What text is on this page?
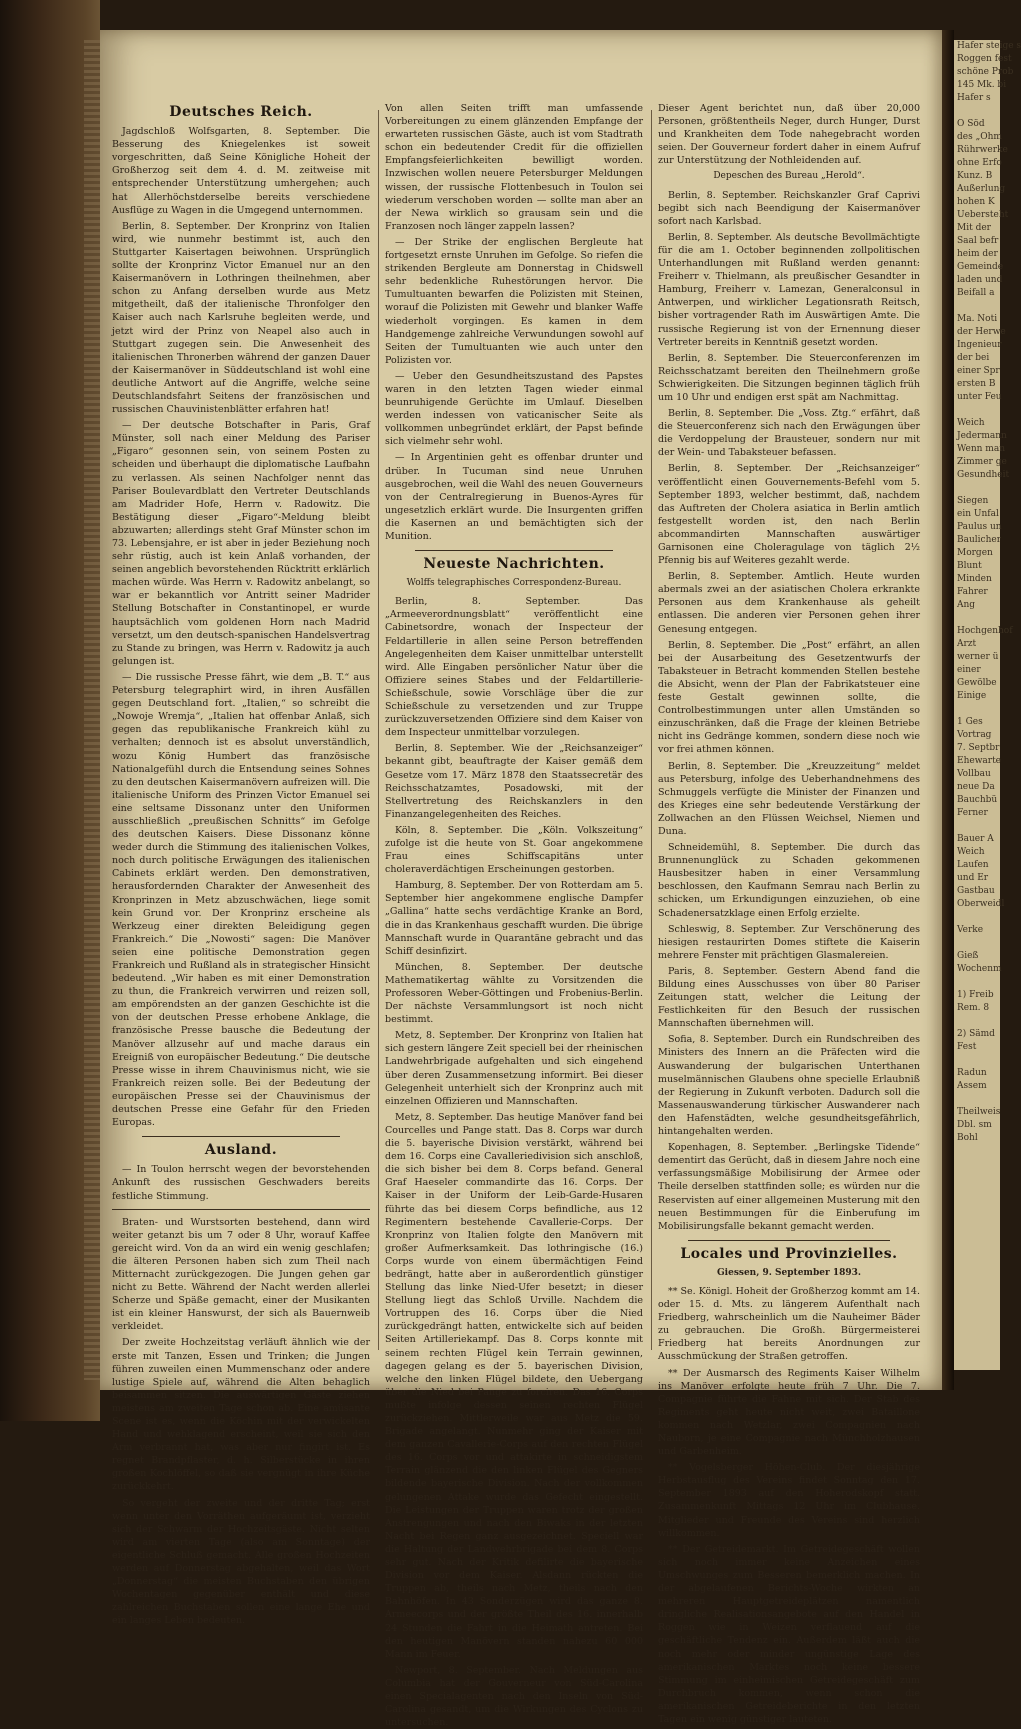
Deutsches Reich.

Jagdschloß Wolfsgarten, 8. September. Die Besserung des Kniegelenkes ist soweit vorgeschritten, daß Seine Königliche Hoheit der Großherzog seit dem 4. d. M. zeitweise mit entsprechender Unterstützung umhergehen; auch hat Allerhöchstderselbe bereits verschiedene Ausflüge zu Wagen in die Umgegend unternommen.

Berlin, 8. September. Der Kronprinz von Italien wird, wie nunmehr bestimmt ist, auch den Stuttgarter Kaisertagen beiwohnen. Ursprünglich sollte der Kronprinz Victor Emanuel nur an den Kaisermanövern in Lothringen theilnehmen, aber schon zu Anfang derselben wurde aus Metz mitgetheilt, daß der italienische Thronfolger den Kaiser auch nach Karlsruhe begleiten werde, und jetzt wird der Prinz von Neapel also auch in Stuttgart zugegen sein. Die Anwesenheit des italienischen Thronerben während der ganzen Dauer der Kaisermanöver in Süddeutschland ist wohl eine deutliche Antwort auf die Angriffe, welche seine Deutschlandsfahrt Seitens der französischen und russischen Chauvinistenblätter erfahren hat!

— Der deutsche Botschafter in Paris, Graf Münster, soll nach einer Meldung des Pariser „Figaro“ gesonnen sein, von seinem Posten zu scheiden und überhaupt die diplomatische Laufbahn zu verlassen. Als seinen Nachfolger nennt das Pariser Boulevardblatt den Vertreter Deutschlands am Madrider Hofe, Herrn v. Radowitz. Die Bestätigung dieser „Figaro“-Meldung bleibt abzuwarten; allerdings steht Graf Münster schon im 73. Lebensjahre, er ist aber in jeder Beziehung noch sehr rüstig, auch ist kein Anlaß vorhanden, der seinen angeblich bevorstehenden Rücktritt erklärlich machen würde. Was Herrn v. Radowitz anbelangt, so war er bekanntlich vor Antritt seiner Madrider Stellung Botschafter in Constantinopel, er wurde hauptsächlich vom goldenen Horn nach Madrid versetzt, um den deutsch-spanischen Handelsvertrag zu Stande zu bringen, was Herrn v. Radowitz ja auch gelungen ist.

— Die russische Presse fährt, wie dem „B. T.“ aus Petersburg telegraphirt wird, in ihren Ausfällen gegen Deutschland fort. „Italien,“ so schreibt die „Nowoje Wremja“, „Italien hat offenbar Anlaß, sich gegen das republikanische Frankreich kühl zu verhalten; dennoch ist es absolut unverständlich, wozu König Humbert das französische Nationalgefühl durch die Entsendung seines Sohnes zu den deutschen Kaisermanövern aufreizen will. Die italienische Uniform des Prinzen Victor Emanuel sei eine seltsame Dissonanz unter den Uniformen ausschließlich „preußischen Schnitts“ im Gefolge des deutschen Kaisers. Diese Dissonanz könne weder durch die Stimmung des italienischen Volkes, noch durch politische Erwägungen des italienischen Cabinets erklärt werden. Den demonstrativen, herausfordernden Charakter der Anwesenheit des Kronprinzen in Metz abzuschwächen, liege somit kein Grund vor. Der Kronprinz erscheine als Werkzeug einer direkten Beleidigung gegen Frankreich.“ Die „Nowosti“ sagen: Die Manöver seien eine politische Demonstration gegen Frankreich und Rußland als in strategischer Hinsicht bedeutend. „Wir haben es mit einer Demonstration zu thun, die Frankreich verwirren und reizen soll, am empörendsten an der ganzen Geschichte ist die von der deutschen Presse erhobene Anklage, die französische Presse bausche die Bedeutung der Manöver allzusehr auf und mache daraus ein Ereigniß von europäischer Bedeutung.“ Die deutsche Presse wisse in ihrem Chauvinismus nicht, wie sie Frankreich reizen solle. Bei der Bedeutung der europäischen Presse sei der Chauvinismus der deutschen Presse eine Gefahr für den Frieden Europas.

Ausland.

— In Toulon herrscht wegen der bevorstehenden Ankunft des russischen Geschwaders bereits festliche Stimmung.

Braten- und Wurstsorten bestehend, dann wird weiter getanzt bis um 7 oder 8 Uhr, worauf Kaffee gereicht wird. Von da an wird ein wenig geschlafen; die älteren Personen haben sich zum Theil nach Mitternacht zurückgezogen. Die Jungen gehen gar nicht zu Bette. Während der Nacht werden allerlei Scherze und Späße gemacht, einer der Musikanten ist ein kleiner Hanswurst, der sich als Bauernweib verkleidet.

Der zweite Hochzeitstag verläuft ähnlich wie der erste mit Tanzen, Essen und Trinken; die Jungen führen zuweilen einen Mummenschanz oder andere lustige Spiele auf, während die Alten behaglich beisammen sitzen. Die auswärtigen Gäste ziehen meistens am zweiten Tage schon ab. Eine amüsante Scene ist es, wenn die Köchin mit der verwickelten Hand und wehklagend erscheint, weil sie sich den Arm verbrannt hat, was aber nur fingirt ist. Es regnet Brandpflaster, d. h. Silberstücke in ihren großen Kochlöffel, so daß sie vergnügt in ihre Küche zurückkehrt.

So vergeht der zweite und der dritte Tag; erst wenn unter den Vorräthen aufgeräumt ist, verzieht sich der Schwarm der Hochzeitsgäste. Nicht selten wird am vierten Tage (also am Sonntage) der eigentliche Schluß gemacht. Alle großen Hochzeiten werden auf Donnerstag abgehalten, weil das Wort „Donnerstag“ die meisten Buchstaben den übrigen Wochentagen gegenüber enthält und diese zahlreichen Buchstaben sollen eine lange Ehe und ein langes Leben bedeuten.

Von allen Seiten trifft man umfassende Vorbereitungen zu einem glänzenden Empfange der erwarteten russischen Gäste, auch ist vom Stadtrath schon ein bedeutender Credit für die offiziellen Empfangsfeierlichkeiten bewilligt worden. Inzwischen wollen neuere Petersburger Meldungen wissen, der russische Flottenbesuch in Toulon sei wiederum verschoben worden — sollte man aber an der Newa wirklich so grausam sein und die Franzosen noch länger zappeln lassen?

— Der Strike der englischen Bergleute hat fortgesetzt ernste Unruhen im Gefolge. So riefen die strikenden Bergleute am Donnerstag in Chidswell sehr bedenkliche Ruhestörungen hervor. Die Tumultuanten bewarfen die Polizisten mit Steinen, worauf die Polizisten mit Gewehr und blanker Waffe wiederholt vorgingen. Es kamen in dem Handgemenge zahlreiche Verwundungen sowohl auf Seiten der Tumultuanten wie auch unter den Polizisten vor.

— Ueber den Gesundheitszustand des Papstes waren in den letzten Tagen wieder einmal beunruhigende Gerüchte im Umlauf. Dieselben werden indessen von vaticanischer Seite als vollkommen unbegründet erklärt, der Papst befinde sich vielmehr sehr wohl.

— In Argentinien geht es offenbar drunter und drüber. In Tucuman sind neue Unruhen ausgebrochen, weil die Wahl des neuen Gouverneurs von der Centralregierung in Buenos-Ayres für ungesetzlich erklärt wurde. Die Insurgenten griffen die Kasernen an und bemächtigten sich der Munition.

Neueste Nachrichten.
Wolffs telegraphisches Correspondenz-Bureau.

Berlin, 8. September. Das „Armeeverordnungsblatt“ veröffentlicht eine Cabinetsordre, wonach der Inspecteur der Feldartillerie in allen seine Person betreffenden Angelegenheiten dem Kaiser unmittelbar unterstellt wird. Alle Eingaben persönlicher Natur über die Offiziere seines Stabes und der Feldartillerie-Schießschule, sowie Vorschläge über die zur Schießschule zu versetzenden und zur Truppe zurückzuversetzenden Offiziere sind dem Kaiser von dem Inspecteur unmittelbar vorzulegen.

Berlin, 8. September. Wie der „Reichsanzeiger“ bekannt gibt, beauftragte der Kaiser gemäß dem Gesetze vom 17. März 1878 den Staatssecretär des Reichsschatzamtes, Posadowski, mit der Stellvertretung des Reichskanzlers in den Finanzangelegenheiten des Reiches.

Köln, 8. September. Die „Köln. Volkszeitung“ zufolge ist die heute von St. Goar angekommene Frau eines Schiffscapitäns unter choleraverdächtigen Erscheinungen gestorben.

Hamburg, 8. September. Der von Rotterdam am 5. September hier angekommene englische Dampfer „Gallina“ hatte sechs verdächtige Kranke an Bord, die in das Krankenhaus geschafft wurden. Die übrige Mannschaft wurde in Quarantäne gebracht und das Schiff desinfizirt.

München, 8. September. Der deutsche Mathematikertag wählte zu Vorsitzenden die Professoren Weber-Göttingen und Frobenius-Berlin. Der nächste Versammlungsort ist noch nicht bestimmt.

Metz, 8. September. Der Kronprinz von Italien hat sich gestern längere Zeit speciell bei der rheinischen Landwehrbrigade aufgehalten und sich eingehend über deren Zusammensetzung informirt. Bei dieser Gelegenheit unterhielt sich der Kronprinz auch mit einzelnen Offizieren und Mannschaften.

Metz, 8. September. Das heutige Manöver fand bei Courcelles und Pange statt. Das 8. Corps war durch die 5. bayerische Division verstärkt, während bei dem 16. Corps eine Cavalleriedivision sich anschloß, die sich bisher bei dem 8. Corps befand. General Graf Haeseler commandirte das 16. Corps. Der Kaiser in der Uniform der Leib-Garde-Husaren führte das bei diesem Corps befindliche, aus 12 Regimentern bestehende Cavallerie-Corps. Der Kronprinz von Italien folgte den Manövern mit großer Aufmerksamkeit. Das lothringische (16.) Corps wurde von einem übermächtigen Feind bedrängt, hatte aber in außerordentlich günstiger Stellung das linke Nied-Ufer besetzt; in dieser Stellung liegt das Schloß Urville. Nachdem die Vortruppen des 16. Corps über die Nied zurückgedrängt hatten, entwickelte sich auf beiden Seiten Artilleriekampf. Das 8. Corps konnte mit seinem rechten Flügel kein Terrain gewinnen, dagegen gelang es der 5. bayerischen Division, welche den linken Flügel bildete, den Uebergang über die Nied bei Pange zu forciren. Das 16. Corps mußte infolge dessen seinen rechten Flügel zurückziehen. Mittlerweile war aus Metz die 59. Brigade angelangt. Nunmehr ging der Kaiser mit dem ganzen Cavallerie-Corps auf den rechten Flügel des 16. Corps vor und attakirte in schneidigstem Terrain glänzend die den linken Flügel des Gegners bildende bayerische Division. Nach der vollkommen gelungenen Attake wurde das Gefecht eingestellt. Die Leistungen der Truppen waren trotz der großen Anstrengungen und nach den Biwaks in der letzten Nacht bei Regen ganz ausgezeichnet. Speciell war die Haltung der Landwehrbrigade bei dem 8. Corps sehr gut. Nach der Kritik defilirte die bayerische Division vor dem Kaiser. Alsdann rückten die Truppen ab, theils nach Metz, theils nach den Bahnhöfen. In 43 Sonderzügen wird das ganze 8. Armeecorps und der größte Theil des 16. innerhalb 24 Stunden die Fahrt in die Heimath antreten. Bei den heutigen Manövern standen nahezu 60 000 Mann im Feuer.

Newport, 8. September. Nach Meldungen aus Columbia hat der Gouverneur von Süd-Carolina einen Specialagenten nach den Inseln von Süd-Carolina gesandt, um die Wirkungen des Cyclons zu untersuchen.

Dieser Agent berichtet nun, daß über 20,000 Personen, größtentheils Neger, durch Hunger, Durst und Krankheiten dem Tode nahegebracht worden seien. Der Gouverneur fordert daher in einem Aufruf zur Unterstützung der Nothleidenden auf.

Depeschen des Bureau „Herold“.

Berlin, 8. September. Reichskanzler Graf Caprivi begibt sich nach Beendigung der Kaisermanöver sofort nach Karlsbad.

Berlin, 8. September. Als deutsche Bevollmächtigte für die am 1. October beginnenden zollpolitischen Unterhandlungen mit Rußland werden genannt: Freiherr v. Thielmann, als preußischer Gesandter in Hamburg, Freiherr v. Lamezan, Generalconsul in Antwerpen, und wirklicher Legationsrath Reitsch, bisher vortragender Rath im Auswärtigen Amte. Die russische Regierung ist von der Ernennung dieser Vertreter bereits in Kenntniß gesetzt worden.

Berlin, 8. September. Die Steuerconferenzen im Reichsschatzamt bereiten den Theilnehmern große Schwierigkeiten. Die Sitzungen beginnen täglich früh um 10 Uhr und endigen erst spät am Nachmittag.

Berlin, 8. September. Die „Voss. Ztg.“ erfährt, daß die Steuerconferenz sich nach den Erwägungen über die Verdoppelung der Brausteuer, sondern nur mit der Wein- und Tabaksteuer befassen.

Berlin, 8. September. Der „Reichsanzeiger“ veröffentlicht einen Gouvernements-Befehl vom 5. September 1893, welcher bestimmt, daß, nachdem das Auftreten der Cholera asiatica in Berlin amtlich festgestellt worden ist, den nach Berlin abcommandirten Mannschaften auswärtiger Garnisonen eine Choleragulage von täglich 2½ Pfennig bis auf Weiteres gezahlt werde.

Berlin, 8. September. Amtlich. Heute wurden abermals zwei an der asiatischen Cholera erkrankte Personen aus dem Krankenhause als geheilt entlassen. Die anderen vier Personen gehen ihrer Genesung entgegen.

Berlin, 8. September. Die „Post“ erfährt, an allen bei der Ausarbeitung des Gesetzentwurfs der Tabaksteuer in Betracht kommenden Stellen bestehe die Absicht, wenn der Plan der Fabrikatsteuer eine feste Gestalt gewinnen sollte, die Controlbestimmungen unter allen Umständen so einzuschränken, daß die Frage der kleinen Betriebe nicht ins Gedränge kommen, sondern diese noch wie vor frei athmen können.

Berlin, 8. September. Die „Kreuzzeitung“ meldet aus Petersburg, infolge des Ueberhandnehmens des Schmuggels verfügte die Minister der Finanzen und des Krieges eine sehr bedeutende Verstärkung der Zollwachen an den Flüssen Weichsel, Niemen und Duna.

Schneidemühl, 8. September. Die durch das Brunnenunglück zu Schaden gekommenen Hausbesitzer haben in einer Versammlung beschlossen, den Kaufmann Semrau nach Berlin zu schicken, um Erkundigungen einzuziehen, ob eine Schadenersatzklage einen Erfolg erzielte.

Schleswig, 8. September. Zur Verschönerung des hiesigen restaurirten Domes stiftete die Kaiserin mehrere Fenster mit prächtigen Glasmalereien.

Paris, 8. September. Gestern Abend fand die Bildung eines Ausschusses von über 80 Pariser Zeitungen statt, welcher die Leitung der Festlichkeiten für den Besuch der russischen Mannschaften übernehmen will.

Sofia, 8. September. Durch ein Rundschreiben des Ministers des Innern an die Präfecten wird die Auswanderung der bulgarischen Unterthanen muselmännischen Glaubens ohne specielle Erlaubniß der Regierung in Zukunft verboten. Dadurch soll die Massenauswanderung türkischer Auswanderer nach den Hafenstädten, welche gesundheitsgefährlich, hintangehalten werden.

Kopenhagen, 8. September. „Berlingske Tidende“ dementirt das Gerücht, daß in diesem Jahre noch eine verfassungsmäßige Mobilisirung der Armee oder Theile derselben stattfinden solle; es würden nur die Reservisten auf einer allgemeinen Musterung mit den neuen Bestimmungen für die Einberufung im Mobilisirungsfalle bekannt gemacht werden.

Locales und Provinzielles.
Giessen, 9. September 1893.

** Se. Königl. Hoheit der Großherzog kommt am 14. oder 15. d. Mts. zu längerem Aufenthalt nach Friedberg, wahrscheinlich um die Nauheimer Bäder zu gebrauchen. Die Großh. Bürgermeisterei Friedberg hat bereits Anordnungen zur Ausschmückung der Straßen getroffen.

** Der Ausmarsch des Regiments Kaiser Wilhelm ins Manöver erfolgte heute früh 7 Uhr. Die 7. Compagnie führte die Fahne mit sich. Der Stab des Regiments geht heute nicht weit, zwei Bataillone kommen nach Wetzlar, zwei Compagnien nach Nauborn, je eine Compagnie nach Münchholzhausen und Garbenheim.

** Vogelsberger Höhen-Club. Der diesjährige Herbstausflug des Vereins findet Sonntag den 17. September 1893 auf den Hoherodskopf statt. Zusammenkunft Mittags 12 Uhr im Clubhause. Mitglieder und Freunde des Vereins sind herzlich willkommen.

** Der Getreidemarkt. Im Getreidegeschäft wollen sich noch immer keine Anzeichen eines Umschwunges zum Besseren bemerklich machen. In der abgelaufenen Berichts-Woche wirkten an mehreren Hauptgetreideplätzen namentlich dringliche Realisationsangebote auf den Handel in Roggen wie in Weizen verflauend auf die geschäftliche Tendenz ein. Außerdem läßt auch die noch mehr oder minder ungünstige Lage des amerikanischen Marktes noch keine bessere Stimmung im einheimischen Getreidegeschäft zum Durchbruch kommen, wenn schon die amerikanischen Getreideberichte in den letzten Tagen ein wenig günstiger lauteten.

Hafer steige s
Roggen fest
schöne Prob
145 Mk. bi
Hafer s

O Söd
des „Ohm
Rührwerke
ohne Erfo
Kunz. B
Außerlung
hohen K
Uebersteht
Mit der
Saal befr
heim der
Gemeinde
laden und
Beifall a

Ma. Noti
der Herwe
Ingenieur
der bei
einer Spr
ersten B
unter Feu

Weich
Jedermann
Wenn man
Zimmer ge
Gesundheit

Siegen
ein Unfal
Paulus un
Baulicher
Morgen
Blunt
Minden
Fahrer
Ang

Hochgenhof
Arzt
werner ü
einer
Gewölbe
Einige

1 Ges
Vortrag
7. Septbr
Ehewarte
Vollbau
neue Da
Bauchbü
Ferner

Bauer A
Weich
Laufen
und Er
Gastbau
Oberweidl

Verke

Gieß
Wochenm

1) Freib
Rem. 8

2) Sämd
Fest

Radun
Assem

Theilweis
Dbl. sm
Bohl
